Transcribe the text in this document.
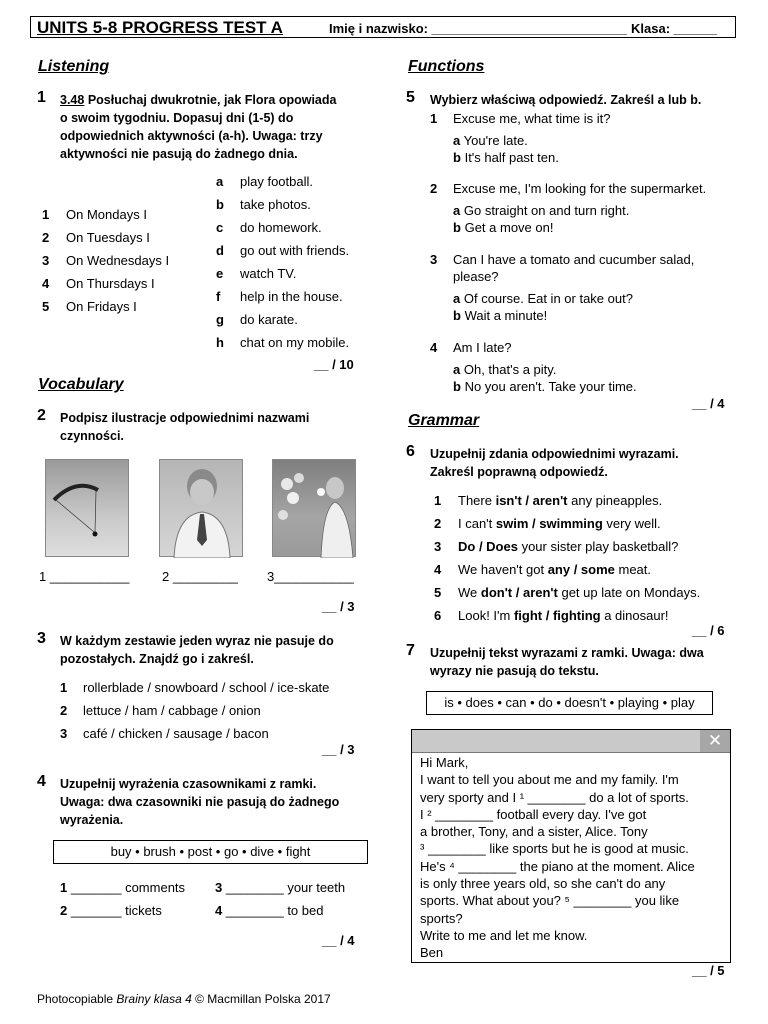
UNITS 5-8 PROGRESS TEST A	Imię i nazwisko: ___________________________ Klasa: ______
Listening
1 3.48 Posłuchaj dwukrotnie, jak Flora opowiada
o swoim tygodniu. Dopasuj dni (1-5) do
odpowiednich aktywności (a-h). Uwaga: trzy
aktywności nie pasują do żadnego dnia.
1 On Mondays I
2 On Tuesdays I
3 On Wednesdays I
4 On Thursdays I
5 On Fridays I
a play football.
b take photos.
c do homework.
d go out with friends.
e watch TV.
f help in the house.
g do karate.
h chat on my mobile.
__ / 10
Vocabulary
2 Podpisz ilustracje odpowiednimi nazwami
czynności.
1 ___________	2 _________ 3___________
__ / 3
3 W każdym zestawie jeden wyraz nie pasuje do
pozostałych. Znajdź go i zakreśl.
1 rollerblade / snowboard / school / ice-skate
2 lettuce / ham / cabbage / onion
3 café / chicken / sausage / bacon
__ / 3
4 Uzupełnij wyrażenia czasownikami z ramki.
Uwaga: dwa czasowniki nie pasują do żadnego
wyrażenia.
buy • brush • post • go • dive • fight
1 _______ comments
2 _______ tickets
3 ________ your teeth
4 ________ to bed
__ / 4
Functions
5 Wybierz właściwą odpowiedź. Zakreśl a lub b.
1 Excuse me, what time is it?
a You're late.
b It's half past ten.
2 Excuse me, I'm looking for the supermarket.
a Go straight on and turn right.
b Get a move on!
3 Can I have a tomato and cucumber salad,
please?
a Of course. Eat in or take out?
b Wait a minute!
4 Am I late?
a Oh, that's a pity.
b No you aren't. Take your time.
__ / 4
Grammar
6 Uzupełnij zdania odpowiednimi wyrazami.
Zakreśl poprawną odpowiedź.
1 There isn't / aren't any pineapples.
2 I can't swim / swimming very well.
3 Do / Does your sister play basketball?
4 We haven't got any / some meat.
5 We don't / aren't get up late on Mondays.
6 Look! I'm fight / fighting a dinosaur!
__ / 6
7 Uzupełnij tekst wyrazami z ramki. Uwaga: dwa
wyrazy nie pasują do tekstu.
is • does • can • do • doesn't • playing • play
✕
Hi Mark,
I want to tell you about me and my family. I'm
very sporty and I ¹ ________ do a lot of sports.
I ² ________ football every day. I've got
a brother, Tony, and a sister, Alice. Tony
³ ________ like sports but he is good at music.
He's ⁴ ________ the piano at the moment. Alice
is only three years old, so she can't do any
sports. What about you? ⁵ ________ you like
sports?
Write to me and let me know.
Ben
__ / 5
Photocopiable Brainy klasa 4 © Macmillan Polska 2017
